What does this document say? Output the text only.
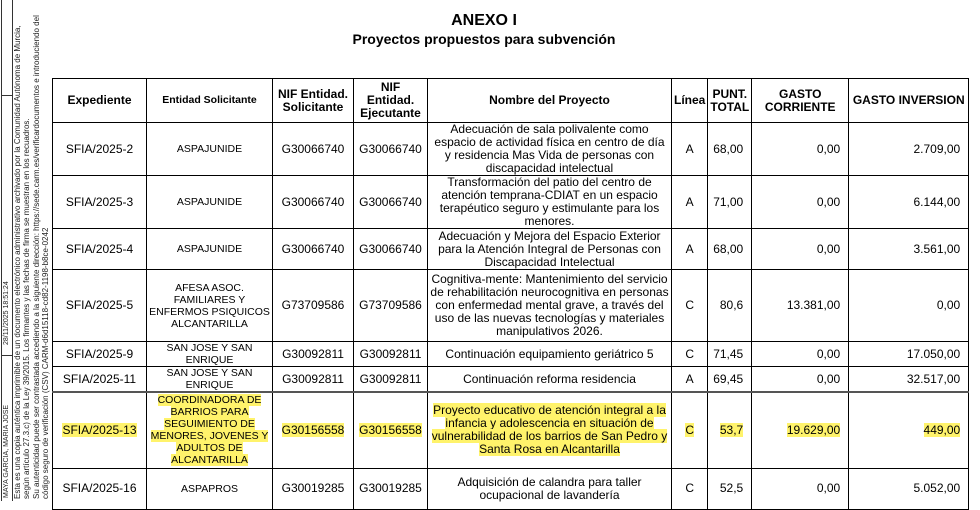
MAYA GARCIA, MARIA JOSE
28/11/2025 18:51:24 Esta es una copia auténtica imprimible de un documento electrónico administrativo archivado por la Comunidad Autónoma de Murcia, según artículo 27.3.c) de la Ley 39/2015. Los firmantes y las fechas de firma se muestran en los recuadros. Su autenticidad puede ser contrastada accediendo a la siguiente dirección: https://sede.carm.es/verificardocumentos e introduciendo del código seguro de verificación (CSV) CARM-d6d15118-cd82-1198-b8ce-0242
ANEXO I
Proyectos propuestos para subvención
Expediente	Entidad Solicitante	NIF Entidad. Solicitante	NIF Entidad. Ejecutante	Nombre del Proyecto	Línea	PUNT. TOTAL	GASTO CORRIENTE	GASTO INVERSION
SFIA/2025-2	ASPAJUNIDE	G30066740	G30066740	Adecuación de sala polivalente como espacio de actividad física en centro de día y residencia Mas Vida de personas con discapacidad intelectual	A	68,00	0,00	2.709,00
SFIA/2025-3	ASPAJUNIDE	G30066740	G30066740	Transformación del patio del centro de atención temprana-CDIAT en un espacio terapéutico seguro y estimulante para los menores.	A	71,00	0,00	6.144,00
SFIA/2025-4	ASPAJUNIDE	G30066740	G30066740	Adecuación y Mejora del Espacio Exterior para la Atención Integral de Personas con Discapacidad Intelectual	A	68,00	0,00	3.561,00
SFIA/2025-5	AFESA ASOC. FAMILIARES Y ENFERMOS PSIQUICOS ALCANTARILLA	G73709586	G73709586	Cognitiva-mente: Mantenimiento del servicio de rehabilitación neurocognitiva en personas con enfermedad mental grave, a través del uso de las nuevas tecnologías y materiales manipulativos 2026.	C	80,6	13.381,00	0,00
SFIA/2025-9	SAN JOSE Y SAN ENRIQUE	G30092811	G30092811	Continuación equipamiento geriátrico 5	C	71,45	0,00	17.050,00
SFIA/2025-11	SAN JOSE Y SAN ENRIQUE	G30092811	G30092811	Continuación reforma residencia	A	69,45	0,00	32.517,00
SFIA/2025-13	COORDINADORA DE BARRIOS PARA SEGUIMIENTO DE MENORES, JOVENES Y ADULTOS DE ALCANTARILLA	G30156558	G30156558	Proyecto educativo de atención integral a la infancia y adolescencia en situación de vulnerabilidad de los barrios de San Pedro y Santa Rosa en Alcantarilla	C	53,7	19.629,00	449,00
SFIA/2025-16	ASPAPROS	G30019285	G30019285	Adquisición de calandra para taller ocupacional de lavandería	C	52,5	0,00	5.052,00
